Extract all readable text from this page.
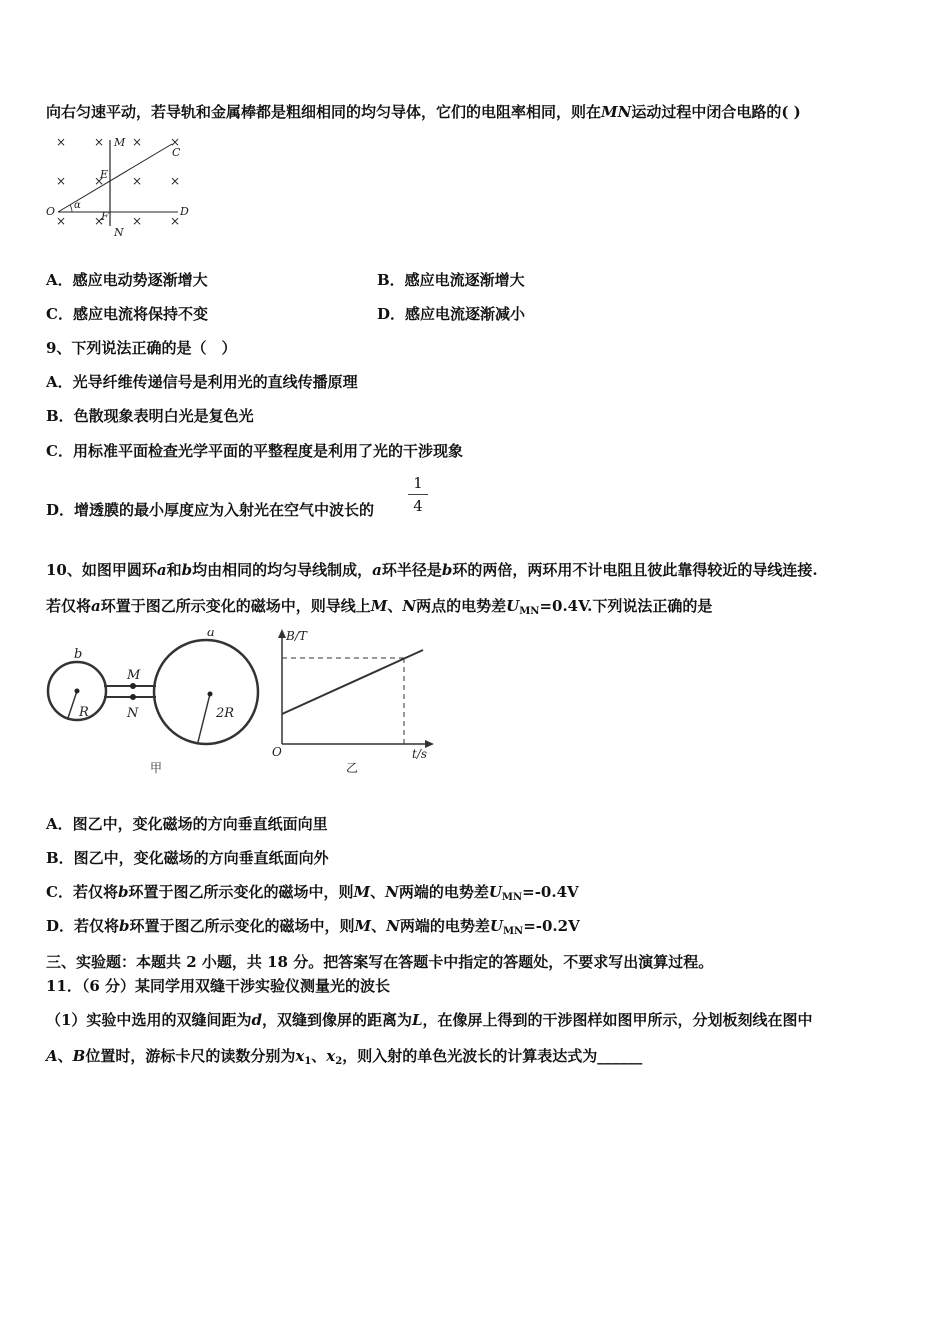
向右匀速平动，若导轨和金属棒都是粗细相同的均匀导体，它们的电阻率相同，则在MN运动过程中闭合电路的( )
× × × ×
× × × ×
× × × ×
M
N
C
D
E
F
O α
A．感应电动势逐渐增大	B．感应电流逐渐增大
C．感应电流将保持不变	D．感应电流逐渐减小
9、下列说法正确的是（　）
A．光导纤维传递信号是利用光的直线传播原理
B．色散现象表明白光是复色光
C．用标准平面检查光学平面的平整程度是利用了光的干涉现象
D．增透膜的最小厚度应为入射光在空气中波长的
1
4
10、如图甲圆环a和b均由相同的均匀导线制成，a环半径是b环的两倍，两环用不计电阻且彼此靠得较近的导线连接.
若仅将a环置于图乙所示变化的磁场中，则导线上M、N两点的电势差$U_{MN}=0.4V$.下列说法正确的是
b
a
M
N
R	2R
甲
B/T
t/s
O
乙
A．图乙中，变化磁场的方向垂直纸面向里
B．图乙中，变化磁场的方向垂直纸面向外
C．若仅将b环置于图乙所示变化的磁场中，则M、N两端的电势差$U_{MN}=-0.4V$
D．若仅将b环置于图乙所示变化的磁场中，则M、N两端的电势差$U_{MN}=-0.2V$
三、实验题：本题共 2 小题，共 18 分。把答案写在答题卡中指定的答题处，不要求写出演算过程。
11．（6 分）某同学用双缝干涉实验仪测量光的波长
（1）实验中选用的双缝间距为d，双缝到像屏的距离为L，在像屏上得到的干涉图样如图甲所示，分划板刻线在图中
A、B位置时，游标卡尺的读数分别为$x_1$、$x_2$，则入射的单色光波长的计算表达式为______
